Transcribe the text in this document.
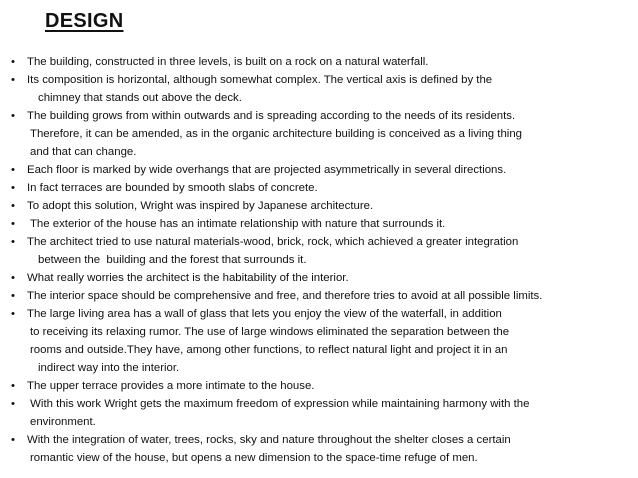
DESIGN
• The building, constructed in three levels, is built on a rock on a natural waterfall.
• Its composition is horizontal, although somewhat complex. The vertical axis is defined by the
chimney that stands out above the deck.
• The building grows from within outwards and is spreading according to the needs of its residents.
Therefore, it can be amended, as in the organic architecture building is conceived as a living thing
and that can change.
• Each floor is marked by wide overhangs that are projected asymmetrically in several directions.
• In fact terraces are bounded by smooth slabs of concrete.
• To adopt this solution, Wright was inspired by Japanese architecture.
• The exterior of the house has an intimate relationship with nature that surrounds it.
• The architect tried to use natural materials-wood, brick, rock, which achieved a greater integration
between the  building and the forest that surrounds it.
• What really worries the architect is the habitability of the interior.
• The interior space should be comprehensive and free, and therefore tries to avoid at all possible limits.
• The large living area has a wall of glass that lets you enjoy the view of the waterfall, in addition
to receiving its relaxing rumor. The use of large windows eliminated the separation between the
rooms and outside.They have, among other functions, to reflect natural light and project it in an
indirect way into the interior.
• The upper terrace provides a more intimate to the house.
• With this work Wright gets the maximum freedom of expression while maintaining harmony with the
environment.
• With the integration of water, trees, rocks, sky and nature throughout the shelter closes a certain
romantic view of the house, but opens a new dimension to the space-time refuge of men.
